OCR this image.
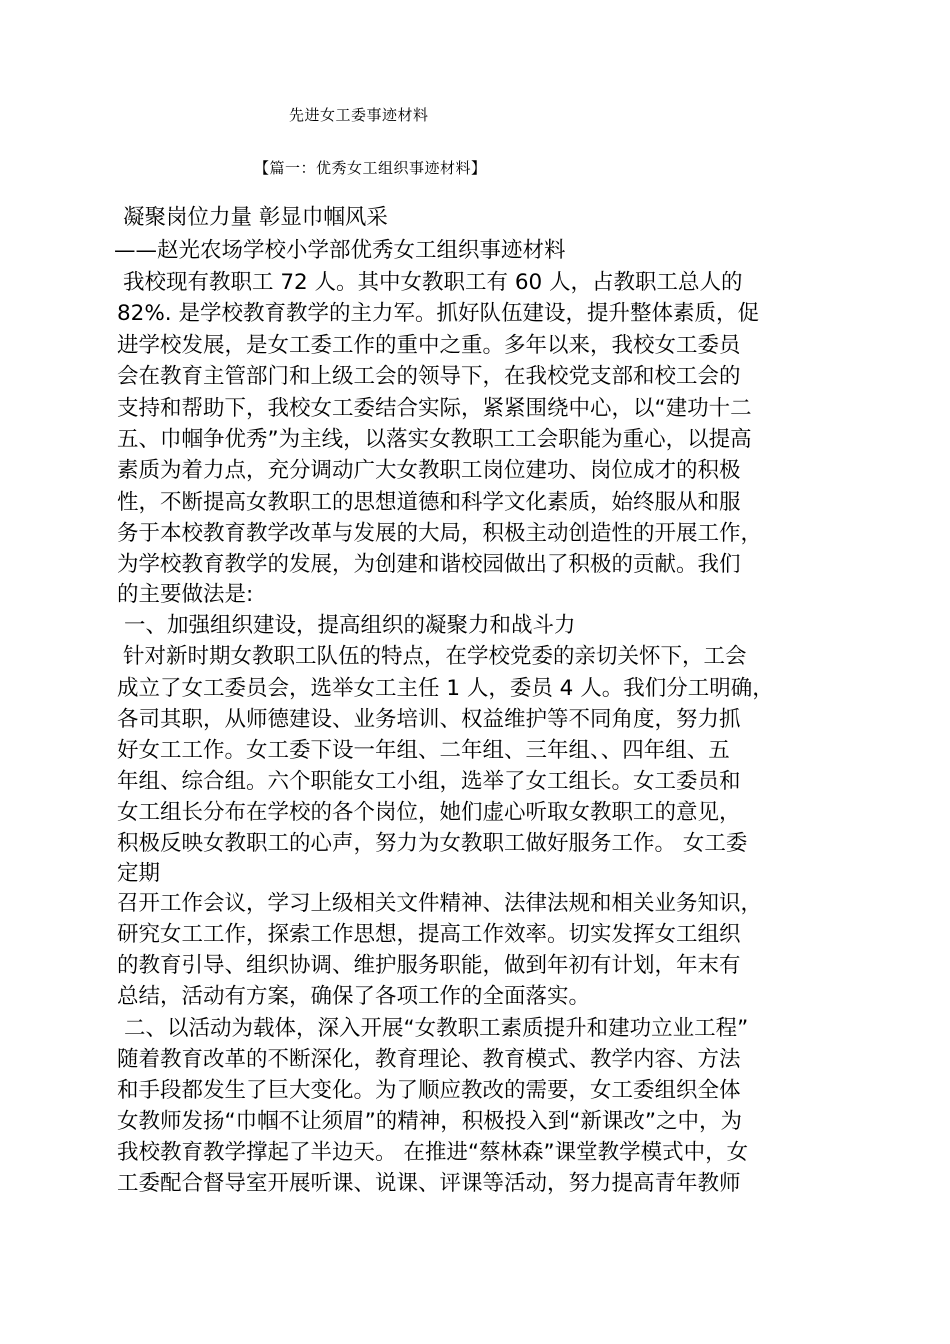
先进女工委事迹材料
【篇一：优秀女工组织事迹材料】
凝聚岗位力量 彰显巾帼风采
——赵光农场学校小学部优秀女工组织事迹材料
我校现有教职工 72 人。其中女教职工有 60 人，占教职工总人的
82%. 是学校教育教学的主力军。抓好队伍建设，提升整体素质，促
进学校发展，是女工委工作的重中之重。多年以来，我校女工委员
会在教育主管部门和上级工会的领导下，在我校党支部和校工会的
支持和帮助下，我校女工委结合实际，紧紧围绕中心，以“建功十二
五、巾帼争优秀”为主线，以落实女教职工工会职能为重心，以提高
素质为着力点，充分调动广大女教职工岗位建功、岗位成才的积极
性，不断提高女教职工的思想道德和科学文化素质，始终服从和服
务于本校教育教学改革与发展的大局，积极主动创造性的开展工作，
为学校教育教学的发展，为创建和谐校园做出了积极的贡献。我们
的主要做法是:
一、加强组织建设，提高组织的凝聚力和战斗力
针对新时期女教职工队伍的特点，在学校党委的亲切关怀下，工会
成立了女工委员会，选举女工主任 1 人，委员 4 人。我们分工明确，
各司其职，从师德建设、业务培训、权益维护等不同角度，努力抓
好女工工作。女工委下设一年组、二年组、三年组、、四年组、五
年组、综合组。六个职能女工小组，选举了女工组长。女工委员和
女工组长分布在学校的各个岗位，她们虚心听取女教职工的意见，
积极反映女教职工的心声，努力为女教职工做好服务工作。 女工委
定期
召开工作会议，学习上级相关文件精神、法律法规和相关业务知识，
研究女工工作，探索工作思想，提高工作效率。切实发挥女工组织
的教育引导、组织协调、维护服务职能，做到年初有计划，年末有
总结，活动有方案，确保了各项工作的全面落实。
二、以活动为载体，深入开展“女教职工素质提升和建功立业工程”
随着教育改革的不断深化，教育理论、教育模式、教学内容、方法
和手段都发生了巨大变化。为了顺应教改的需要，女工委组织全体
女教师发扬“巾帼不让须眉”的精神，积极投入到“新课改”之中，为
我校教育教学撑起了半边天。 在推进“蔡林森”课堂教学模式中，女
工委配合督导室开展听课、说课、评课等活动，努力提高青年教师
